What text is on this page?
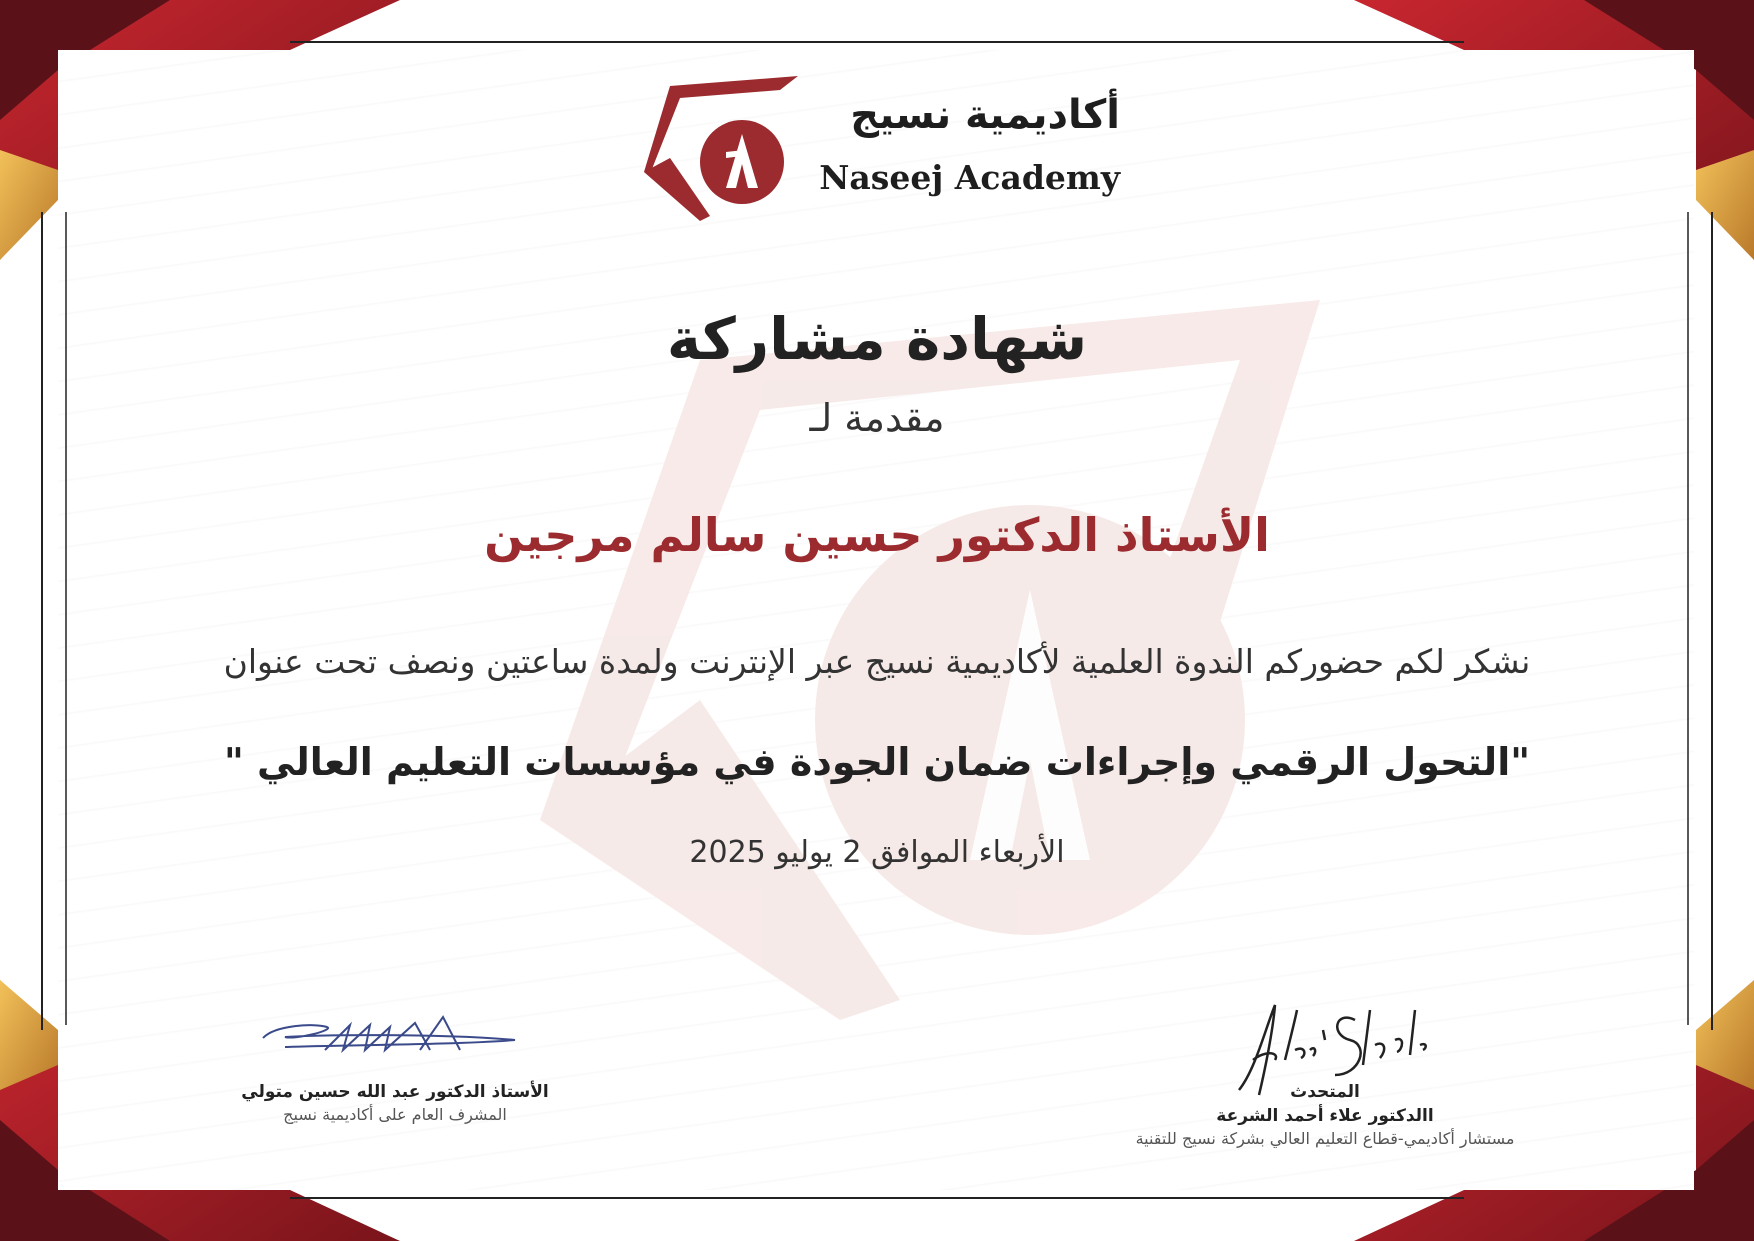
أكاديمية نسيج
Naseej Academy
شهادة مشاركة
مقدمة لـ
الأستاذ الدكتور حسين سالم مرجين
نشكر لكم حضوركم الندوة العلمية لأكاديمية نسيج عبر الإنترنت ولمدة ساعتين ونصف تحت عنوان
"التحول الرقمي وإجراءات ضمان الجودة في مؤسسات التعليم العالي "
الأربعاء الموافق 2 يوليو 2025
الأستاذ الدكتور عبد الله حسين متولي
المشرف العام على أكاديمية نسيج
المتحدث
االدكتور علاء أحمد الشرعة
مستشار أكاديمي-قطاع التعليم العالي بشركة نسيج للتقنية
